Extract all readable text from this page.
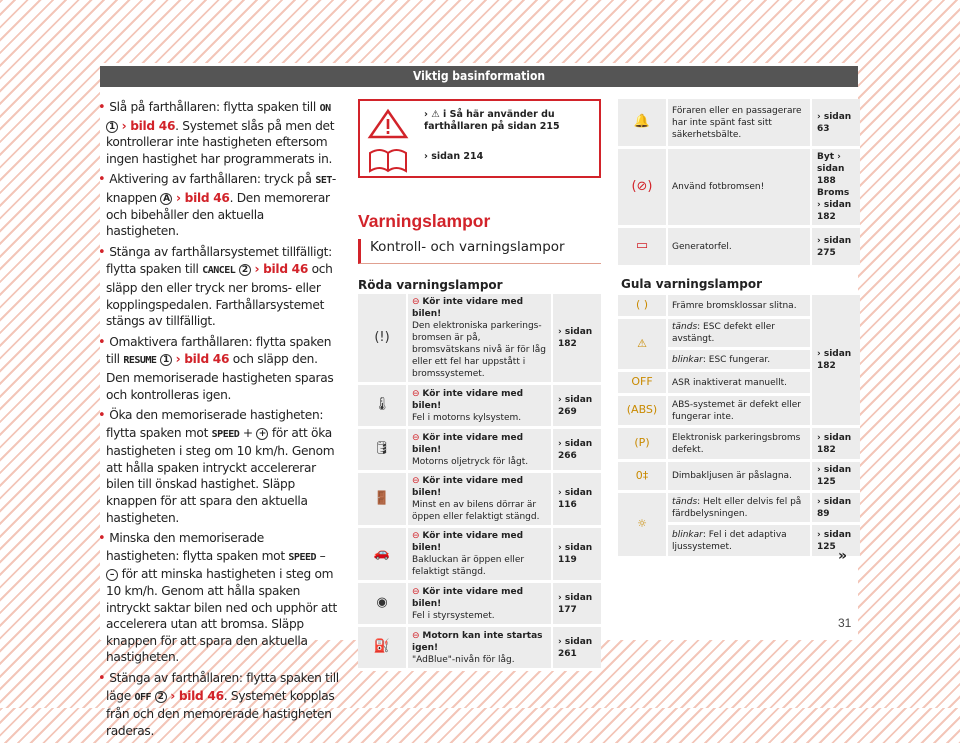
Viktig basinformation

• Slå på farthållaren: flytta spaken till ON 1 › bild 46. Systemet slås på men det kontrollerar inte hastigheten eftersom ingen hastighet har programmerats in.

• Aktivering av farthållaren: tryck på SET-knappen A › bild 46. Den memorerar och bibehåller den aktuella hastigheten.

• Stänga av farthållarsystemet tillfälligt: flytta spaken till CANCEL 2 › bild 46 och släpp den eller tryck ner broms- eller kopplingspedalen. Farthållarsystemet stängs av tillfälligt.

• Omaktivera farthållaren: flytta spaken till RESUME 1 › bild 46 och släpp den. Den memoriserade hastigheten sparas och kontrolleras igen.

• Öka den memoriserade hastigheten: flytta spaken mot SPEED + + för att öka hastigheten i steg om 10 km/h. Genom att hålla spaken intryckt accelererar bilen till önskad hastighet. Släpp knappen för att spara den aktuella hastigheten.

• Minska den memoriserade hastigheten: flytta spaken mot SPEED – – för att minska hastigheten i steg om 10 km/h. Genom att hålla spaken intryckt saktar bilen ned och upphör att accelerera utan att bromsa. Släpp knappen för att spara den aktuella hastigheten.

• Stänga av farthållaren: flytta spaken till läge OFF 2 › bild 46. Systemet kopplas från och den memorerade hastigheten raderas.

› ⚠ i Så här använder du farthållaren på sidan 215
› sidan 214
Varningslampor
Kontroll- och varningslampor
Röda varningslampor
(!)	⊖ Kör inte vidare med bilen!
Den elektroniska parkeringsbromsen är på, bromsvätskans nivå är för låg eller ett fel har uppstått i bromssystemet.	› sidan 182
🌡	⊖ Kör inte vidare med bilen!
Fel i motorns kylsystem.	› sidan 269
🛢	⊖ Kör inte vidare med bilen!
Motorns oljetryck för lågt.	› sidan 266
🚪	⊖ Kör inte vidare med bilen!
Minst en av bilens dörrar är öppen eller felaktigt stängd.	› sidan 116
🚗	⊖ Kör inte vidare med bilen!
Bakluckan är öppen eller felaktigt stängd.	› sidan 119
◉	⊖ Kör inte vidare med bilen!
Fel i styrsystemet.	› sidan 177
⛽	⊖ Motorn kan inte startas igen!
"AdBlue"-nivån för låg.	› sidan 261
🔔	Föraren eller en passagerare har inte spänt fast sitt säkerhetsbälte.	› sidan 63
(⊘)	Använd fotbromsen!	Byt › sidan 188 Broms › sidan 182
▭	Generatorfel.	› sidan 275
Gula varningslampor
( )	Främre bromsklossar slitna.	› sidan 182
⚠	tänds: ESC defekt eller avstängt.	
	blinkar: ESC fungerar.	
OFF	ASR inaktiverat manuellt.	
(ABS)	ABS-systemet är defekt eller fungerar inte.	
(P)	Elektronisk parkeringsbroms defekt.	› sidan 182
0‡	Dimbakljusen är påslagna.	› sidan 125
☼	tänds: Helt eller delvis fel på färdbelysningen.	› sidan 89
	blinkar: Fel i det adaptiva ljussystemet.	› sidan 125
»
31
